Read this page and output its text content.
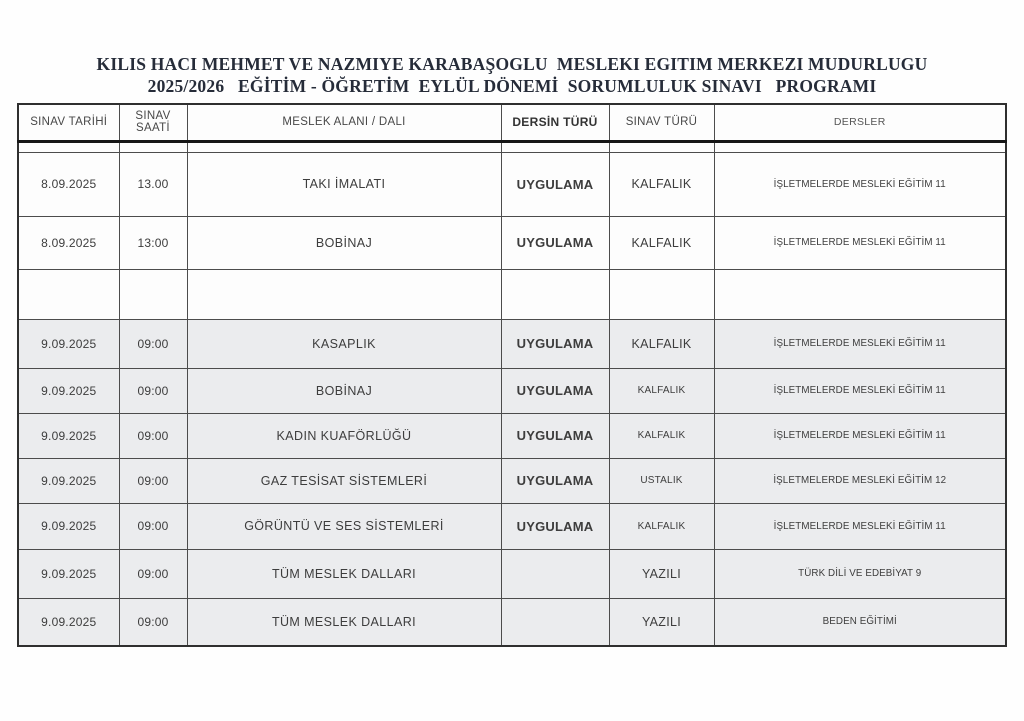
KILIS HACI MEHMET VE NAZMIYE KARABAŞOGLU  MESLEKI EGITIM MERKEZI MUDURLUGU
2025/2026   EĞİTİM - ÖĞRETİM  EYLÜL DÖNEMİ  SORUMLULUK SINAVI   PROGRAMI
SINAV TARİHİ	SINAV SAATİ	MESLEK ALANI / DALI	DERSİN TÜRÜ	SINAV TÜRÜ	DERSLER

8.09.2025	13.00	TAKI İMALATI	UYGULAMA	KALFALIK	İŞLETMELERDE MESLEKİ EĞİTİM 11
8.09.2025	13:00	BOBİNAJ	UYGULAMA	KALFALIK	İŞLETMELERDE MESLEKİ EĞİTİM 11

9.09.2025	09:00	KASAPLIK	UYGULAMA	KALFALIK	İŞLETMELERDE MESLEKİ EĞİTİM 11
9.09.2025	09:00	BOBİNAJ	UYGULAMA	KALFALIK	İŞLETMELERDE MESLEKİ EĞİTİM 11
9.09.2025	09:00	KADIN KUAFÖRLÜĞÜ	UYGULAMA	KALFALIK	İŞLETMELERDE MESLEKİ EĞİTİM 11
9.09.2025	09:00	GAZ TESİSAT SİSTEMLERİ	UYGULAMA	USTALIK	İŞLETMELERDE MESLEKİ EĞİTİM 12
9.09.2025	09:00	GÖRÜNTÜ VE SES SİSTEMLERİ	UYGULAMA	KALFALIK	İŞLETMELERDE MESLEKİ EĞİTİM 11
9.09.2025	09:00	TÜM MESLEK DALLARI		YAZILI	TÜRK DİLİ VE EDEBİYAT 9
9.09.2025	09:00	TÜM MESLEK DALLARI		YAZILI	BEDEN EĞİTİMİ
